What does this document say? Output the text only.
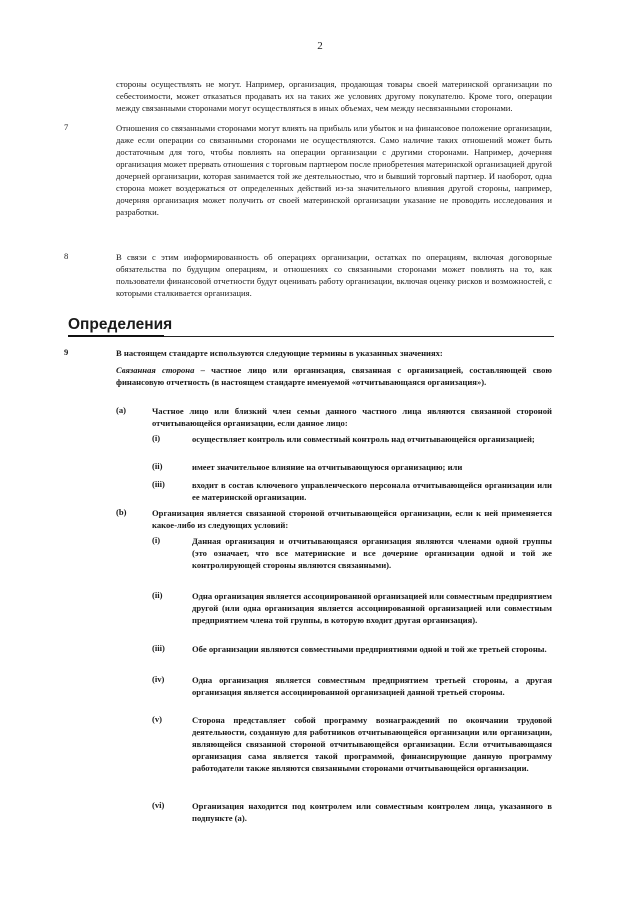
2
стороны осуществлять не могут. Например, организация, продающая товары своей материнской организации по себестоимости, может отказаться продавать их на таких же условиях другому покупателю. Кроме того, операции между связанными сторонами могут осуществляться в иных объемах, чем между несвязанными сторонами.
7	Отношения со связанными сторонами могут влиять на прибыль или убыток и на финансовое положение организации, даже если операции со связанными сторонами не осуществляются. Само наличие таких отношений может быть достаточным для того, чтобы повлиять на операции организации с другими сторонами. Например, дочерняя организация может прервать отношения с торговым партнером после приобретения материнской организацией другой дочерней организации, которая занимается той же деятельностью, что и бывший торговый партнер. И наоборот, одна сторона может воздержаться от определенных действий из-за значительного влияния другой стороны, например, дочерняя организация может получить от своей материнской организации указание не проводить исследования и разработки.
8	В связи с этим информированность об операциях организации, остатках по операциям, включая договорные обязательства по будущим операциям, и отношениях со связанными сторонами может повлиять на то, как пользователи финансовой отчетности будут оценивать работу организации, включая оценку рисков и возможностей, с которыми сталкивается организация.
Определения
9	В настоящем стандарте используются следующие термины в указанных значениях:
Связанная сторона – частное лицо или организация, связанная с организацией, составляющей свою финансовую отчетность (в настоящем стандарте именуемой «отчитывающаяся организация»).
(a)	Частное лицо или близкий член семьи данного частного лица являются связанной стороной отчитывающейся организации, если данное лицо:
(i)	осуществляет контроль или совместный контроль над отчитывающейся организацией;
(ii)	имеет значительное влияние на отчитывающуюся организацию; или
(iii)	входит в состав ключевого управленческого персонала отчитывающейся организации или ее материнской организации.
(b)	Организация является связанной стороной отчитывающейся организации, если к ней применяется какое-либо из следующих условий:
(i)	Данная организация и отчитывающаяся организация являются членами одной группы (это означает, что все материнские и все дочерние организации одной и той же контролирующей стороны являются связанными).
(ii)	Одна организация является ассоциированной организацией или совместным предприятием другой (или одна организация является ассоциированной организацией или совместным предприятием члена той группы, в которую входит другая организация).
(iii)	Обе организации являются совместными предприятиями одной и той же третьей стороны.
(iv)	Одна организация является совместным предприятием третьей стороны, а другая организация является ассоциированной организацией данной третьей стороны.
(v)	Сторона представляет собой программу вознаграждений по окончании трудовой деятельности, созданную для работников отчитывающейся организации или организации, являющейся связанной стороной отчитывающейся организации. Если отчитывающаяся организация сама является такой программой, финансирующие данную программу работодатели также являются связанными сторонами отчитывающейся организации.
(vi)	Организация находится под контролем или совместным контролем лица, указанного в подпункте (a).
